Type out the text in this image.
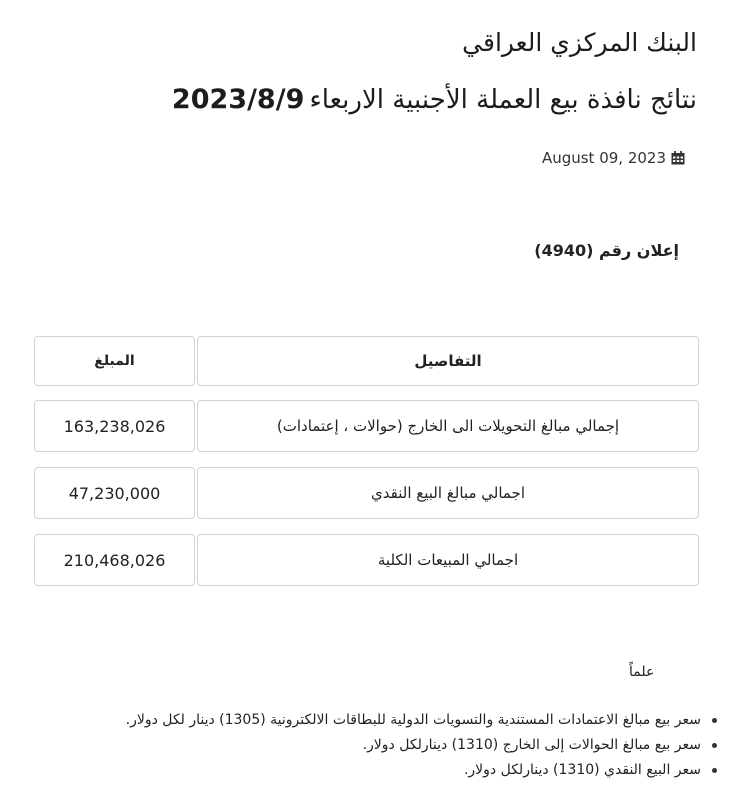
البنك المركزي العراقي
نتائج نافذة بيع العملة الأجنبية الاربعاء 2023/8/9
August 09, 2023
إعلان رقم (4940)
التفاصيل
المبلغ
إجمالي مبالغ التحويلات الى الخارج (حوالات ، إعتمادات)
163,238,026
اجمالي مبالغ البيع النقدي
47,230,000
اجمالي المبيعات الكلية
210,468,026
علماً
سعر بيع مبالغ الاعتمادات المستندية والتسويات الدولية للبطاقات الالكترونية (1305) دينار لكل دولار.
سعر بيع مبالغ الحوالات إلى الخارج (1310) دينارلكل دولار.
سعر البيع النقدي (1310) دينارلكل دولار.
